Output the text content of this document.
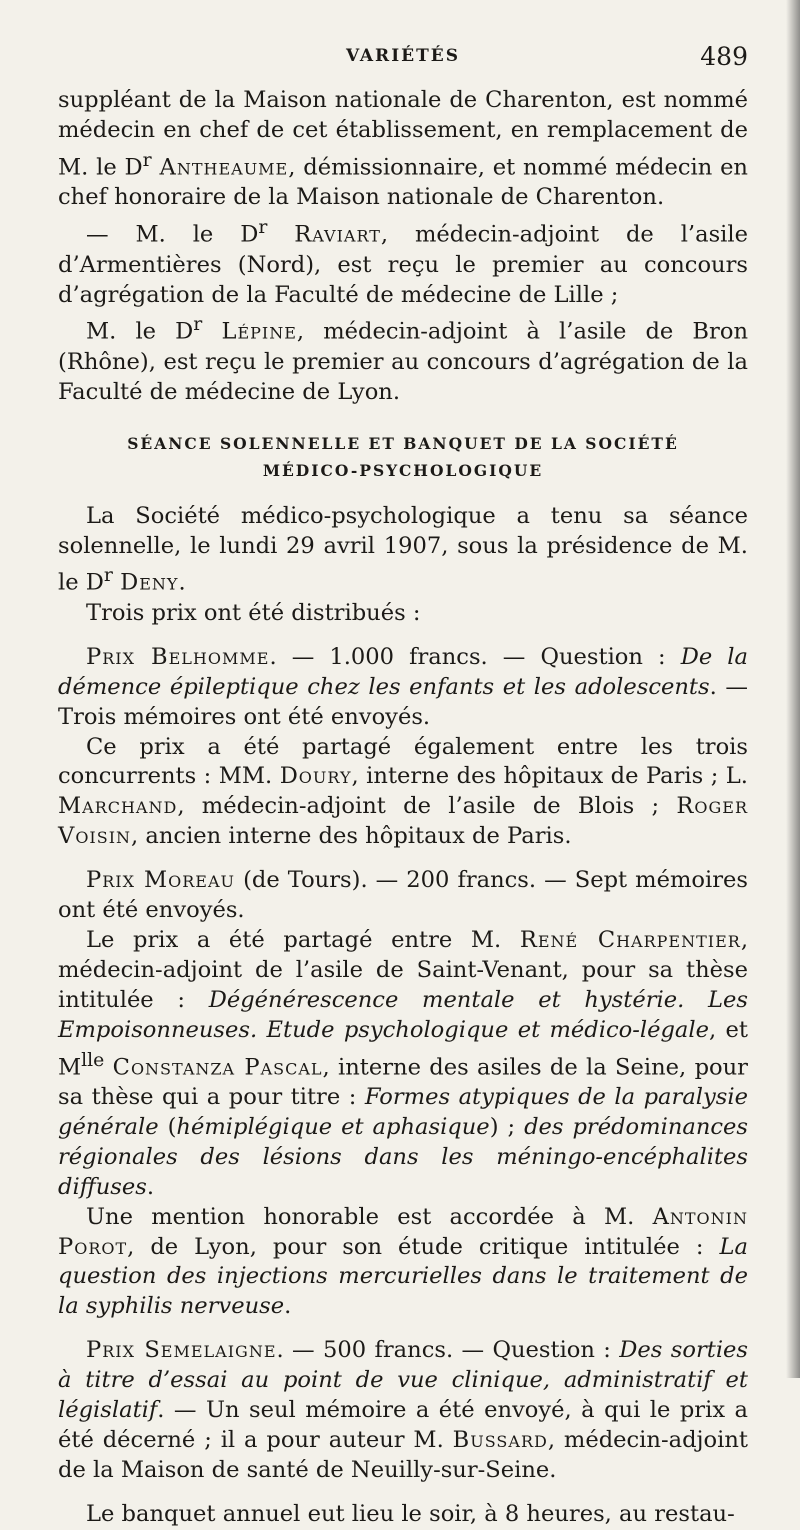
VARIÉTÉS	489

suppléant de la Maison nationale de Charenton, est nommé médecin en chef de cet établissement, en remplacement de M. le $D^r$ Antheaume, démissionnaire, et nommé médecin en chef honoraire de la Maison nationale de Charenton.

— M. le $D^r$ Raviart, médecin-adjoint de l’asile d’Armentières (Nord), est reçu le premier au concours d’agrégation de la Faculté de médecine de Lille ;

M. le $D^r$ Lépine, médecin-adjoint à l’asile de Bron (Rhône), est reçu le premier au concours d’agrégation de la Faculté de médecine de Lyon.

SÉANCE SOLENNELLE ET BANQUET DE LA SOCIÉTÉ
MÉDICO-PSYCHOLOGIQUE

La Société médico-psychologique a tenu sa séance solennelle, le lundi 29 avril 1907, sous la présidence de M. le $D^r$ Deny.

Trois prix ont été distribués :

Prix Belhomme. — 1.000 francs. — Question : De la démence épileptique chez les enfants et les adolescents. — Trois mémoires ont été envoyés.

Ce prix a été partagé également entre les trois concurrents : MM. Doury, interne des hôpitaux de Paris ; L. Marchand, médecin-adjoint de l’asile de Blois ; Roger Voisin, ancien interne des hôpitaux de Paris.

Prix Moreau (de Tours). — 200 francs. — Sept mémoires ont été envoyés.

Le prix a été partagé entre M. René Charpentier, médecin-adjoint de l’asile de Saint-Venant, pour sa thèse intitulée : Dégénérescence mentale et hystérie. Les Empoisonneuses. Etude psychologique et médico-légale, et $M^{lle}$ Constanza Pascal, interne des asiles de la Seine, pour sa thèse qui a pour titre : Formes atypiques de la paralysie générale (hémiplégique et aphasique) ; des prédominances régionales des lésions dans les méningo-encéphalites diffuses.

Une mention honorable est accordée à M. Antonin Porot, de Lyon, pour son étude critique intitulée : La question des injections mercurielles dans le traitement de la syphilis nerveuse.

Prix Semelaigne. — 500 francs. — Question : Des sorties à titre d’essai au point de vue clinique, administratif et législatif. — Un seul mémoire a été envoyé, à qui le prix a été décerné ; il a pour auteur M. Bussard, médecin-adjoint de la Maison de santé de Neuilly-sur-Seine.

Le banquet annuel eut lieu le soir, à 8 heures, au restau-
